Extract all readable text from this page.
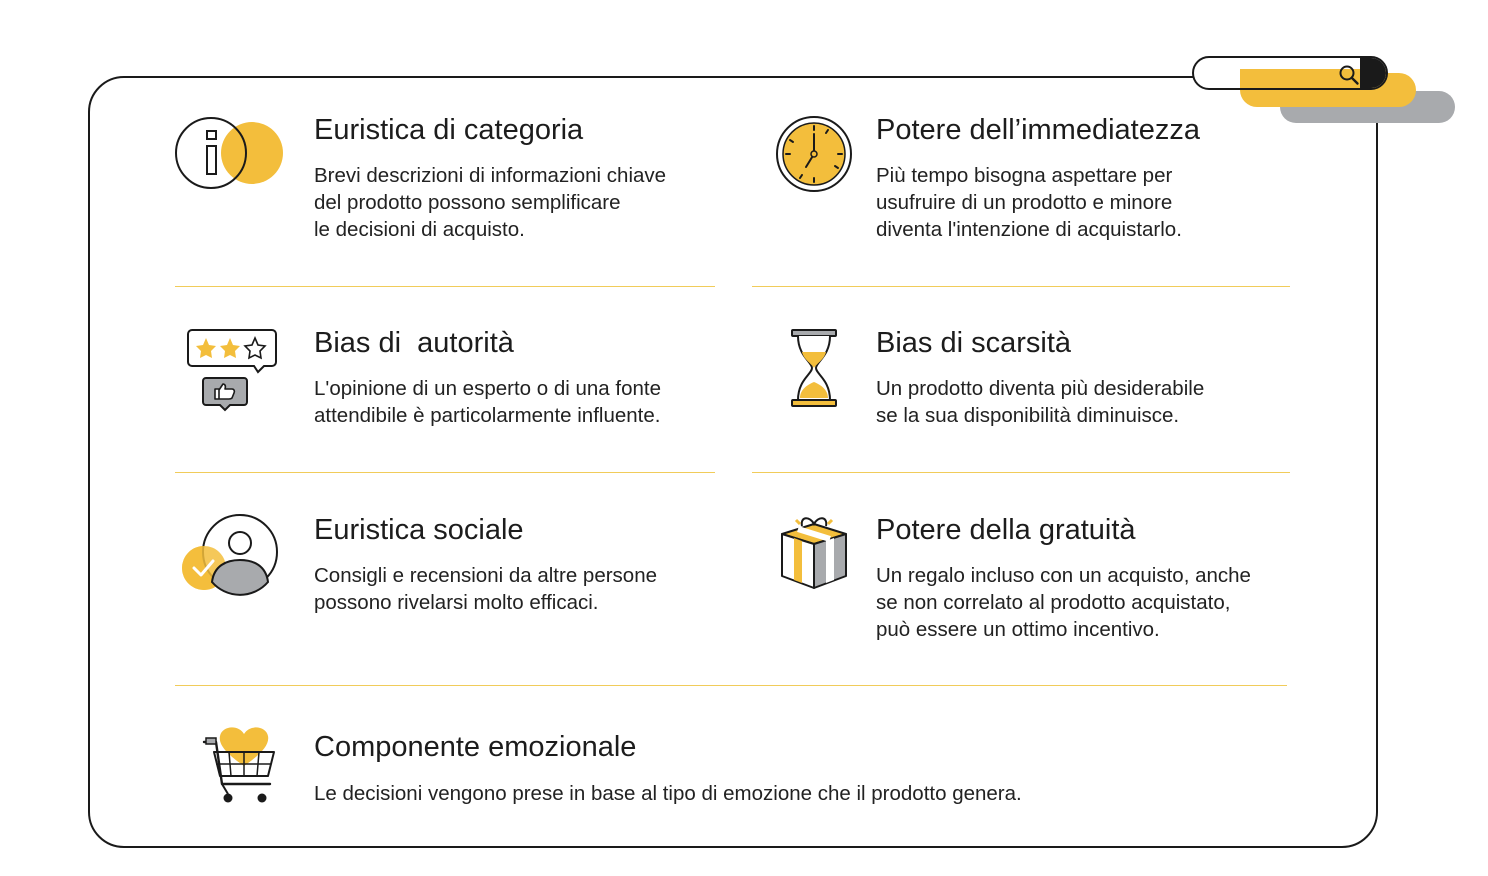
Euristica di categoria
Brevi descrizioni di informazioni chiave
del prodotto possono semplificare
le decisioni di acquisto.
Potere dell’immediatezza
Più tempo bisogna aspettare per
usufruire di un prodotto e minore
diventa l'intenzione di acquistarlo.
Bias di  autorità
L'opinione di un esperto o di una fonte
attendibile è particolarmente influente.
Bias di scarsità
Un prodotto diventa più desiderabile
se la sua disponibilità diminuisce.
Euristica sociale
Consigli e recensioni da altre persone
possono rivelarsi molto efficaci.
Potere della gratuità
Un regalo incluso con un acquisto, anche
se non correlato al prodotto acquistato,
può essere un ottimo incentivo.
Componente emozionale
Le decisioni vengono prese in base al tipo di emozione che il prodotto genera.
